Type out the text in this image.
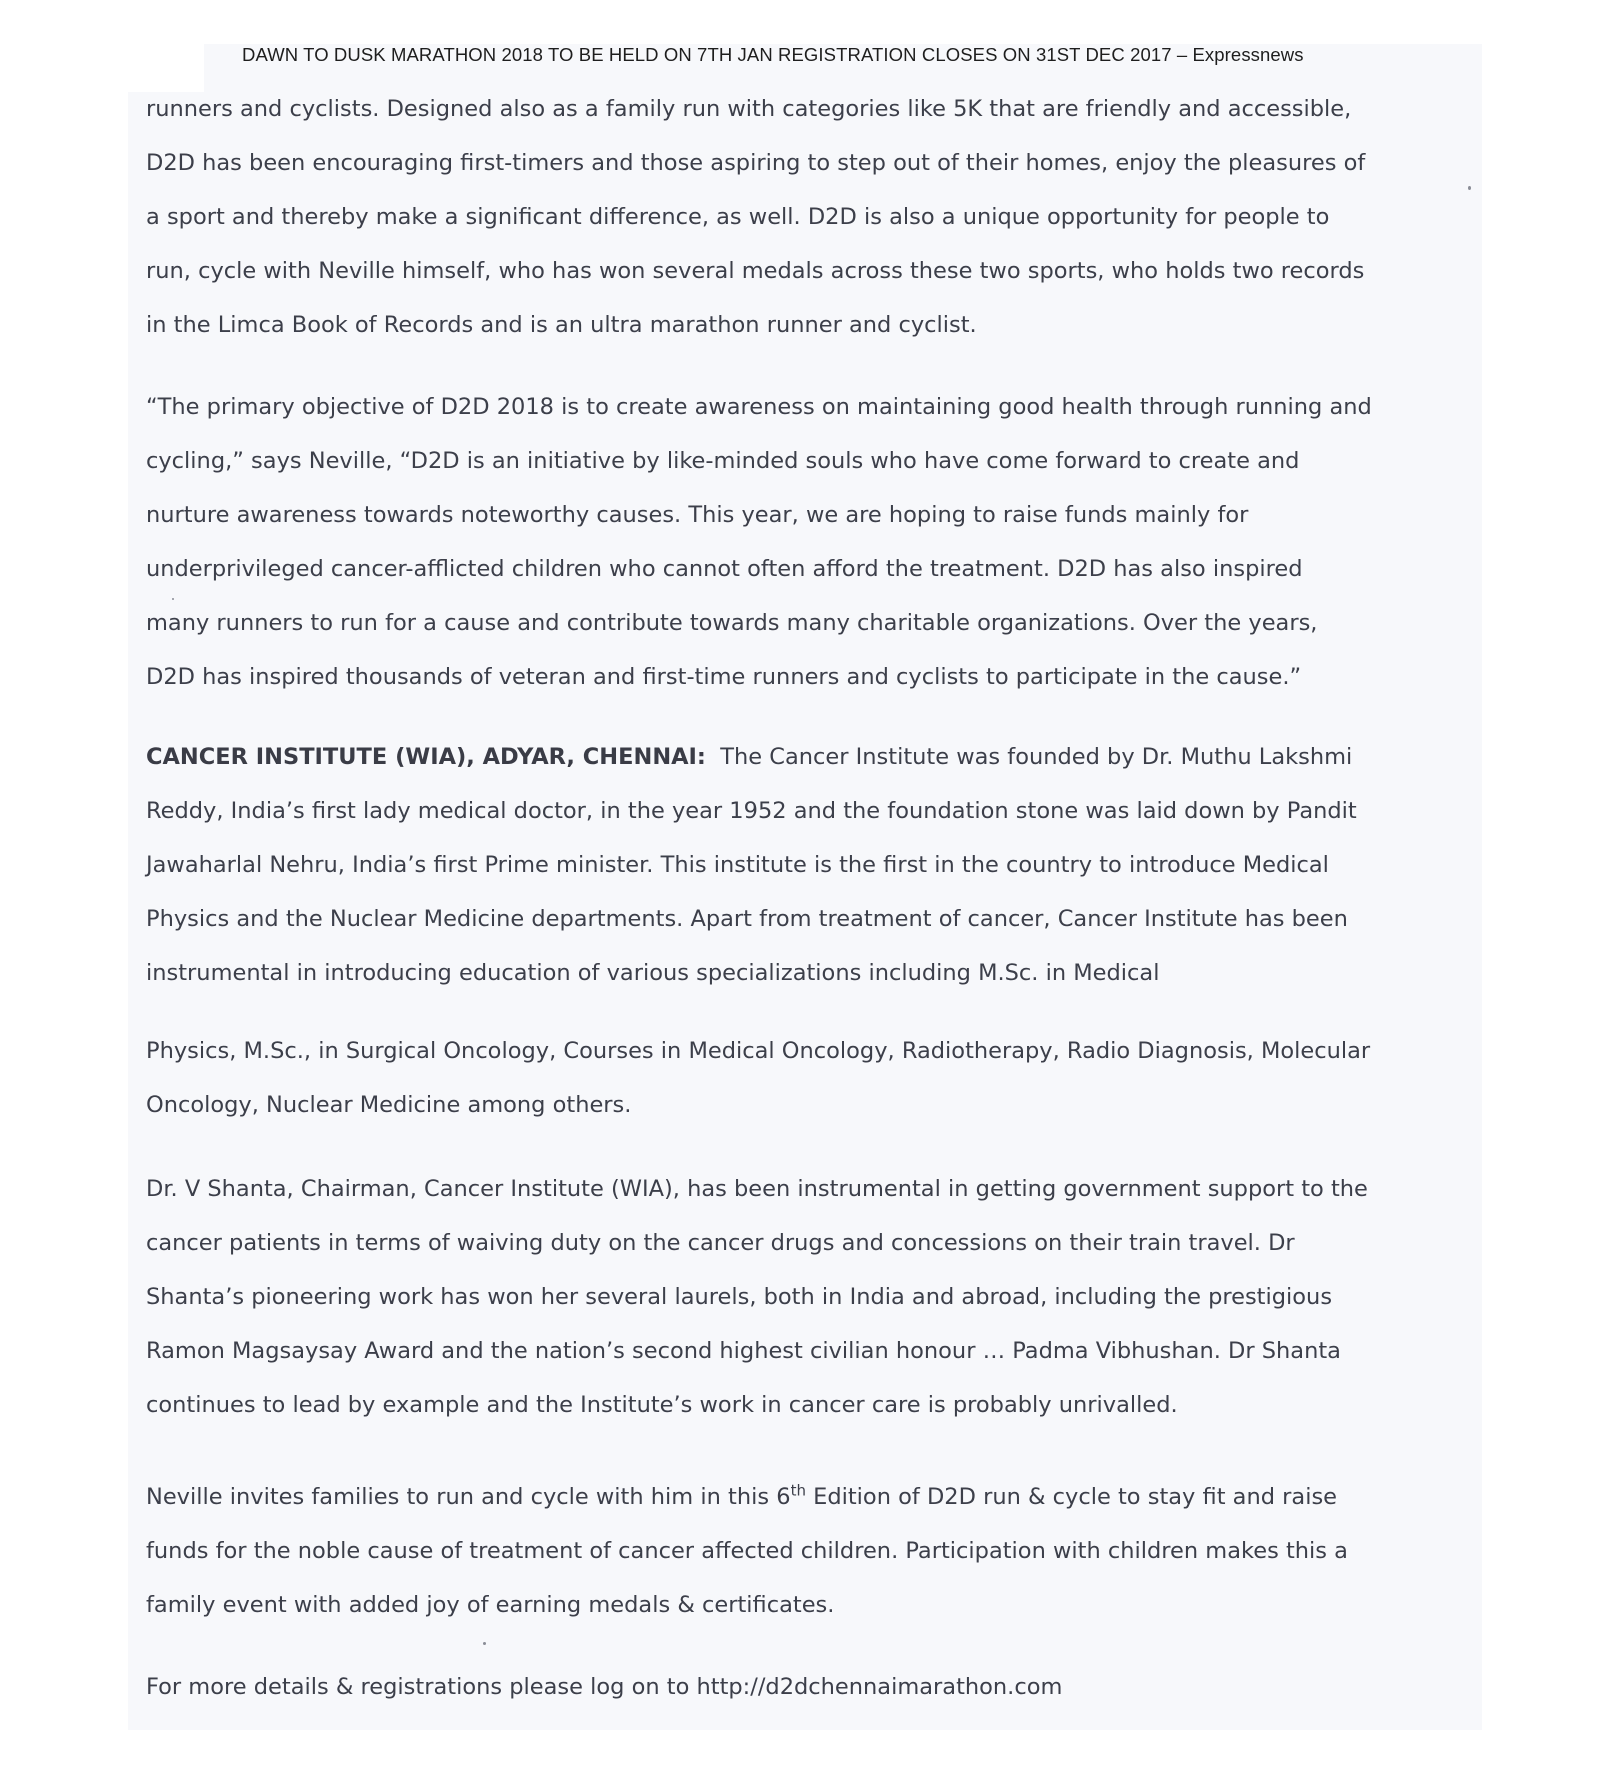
DAWN TO DUSK MARATHON 2018 TO BE HELD ON 7TH JAN REGISTRATION CLOSES ON 31ST DEC 2017 – Expressnews

runners and cyclists. Designed also as a family run with categories like 5K that are friendly and accessible,

D2D has been encouraging first-timers and those aspiring to step out of their homes, enjoy the pleasures of

a sport and thereby make a significant difference, as well. D2D is also a unique opportunity for people to

run, cycle with Neville himself, who has won several medals across these two sports, who holds two records

in the Limca Book of Records and is an ultra marathon runner and cyclist.

“The primary objective of D2D 2018 is to create awareness on maintaining good health through running and

cycling,” says Neville, “D2D is an initiative by like-minded souls who have come forward to create and

nurture awareness towards noteworthy causes. This year, we are hoping to raise funds mainly for

underprivileged cancer-afflicted children who cannot often afford the treatment. D2D has also inspired

many runners to run for a cause and contribute towards many charitable organizations. Over the years,

D2D has inspired thousands of veteran and first-time runners and cyclists to participate in the cause.”

CANCER INSTITUTE (WIA), ADYAR, CHENNAI: The Cancer Institute was founded by Dr. Muthu Lakshmi

Reddy, India’s first lady medical doctor, in the year 1952 and the foundation stone was laid down by Pandit

Jawaharlal Nehru, India’s first Prime minister. This institute is the first in the country to introduce Medical

Physics and the Nuclear Medicine departments. Apart from treatment of cancer, Cancer Institute has been

instrumental in introducing education of various specializations including M.Sc. in Medical

Physics, M.Sc., in Surgical Oncology, Courses in Medical Oncology, Radiotherapy, Radio Diagnosis, Molecular

Oncology, Nuclear Medicine among others.

Dr. V Shanta, Chairman, Cancer Institute (WIA), has been instrumental in getting government support to the

cancer patients in terms of waiving duty on the cancer drugs and concessions on their train travel. Dr

Shanta’s pioneering work has won her several laurels, both in India and abroad, including the prestigious

Ramon Magsaysay Award and the nation’s second highest civilian honour … Padma Vibhushan. Dr Shanta

continues to lead by example and the Institute’s work in cancer care is probably unrivalled.

Neville invites families to run and cycle with him in this 6th Edition of D2D run & cycle to stay fit and raise

funds for the noble cause of treatment of cancer affected children. Participation with children makes this a

family event with added joy of earning medals & certificates.

For more details & registrations please log on to http://d2dchennaimarathon.com
